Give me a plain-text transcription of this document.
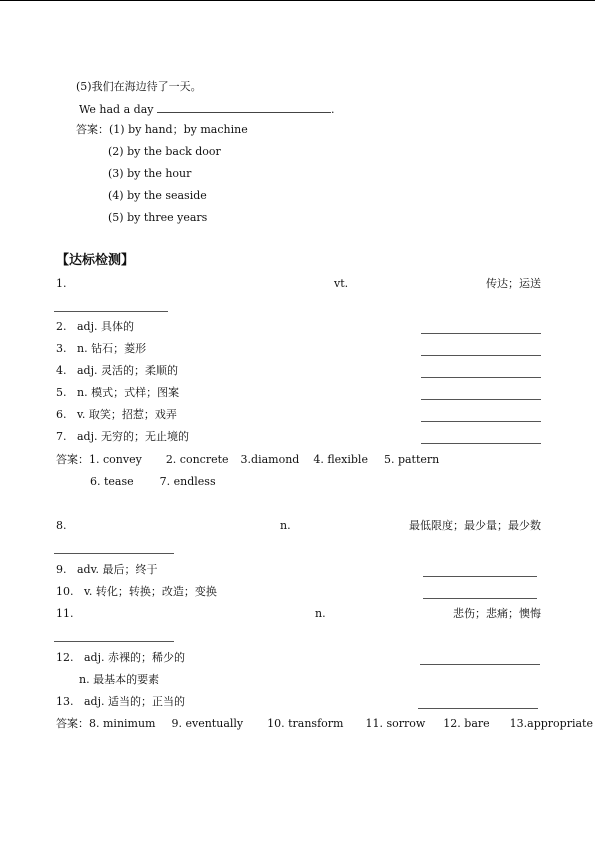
(5)我们在海边待了一天。
We had a day	.
答案：(1) by hand；by machine
(2) by the back door
(3) by the hour
(4) by the seaside
(5) by three years
【达标检测】
1.	vt.	传达；运送
2. adj. 具体的
3. n. 钻石；菱形
4. adj. 灵活的；柔顺的
5. n. 模式；式样；图案
6. v. 取笑；招惹；戏弄
7. adj. 无穷的；无止境的
答案：1. convey 2. concrete 3.diamond 4. flexible 5. pattern
6. tease 7. endless
8.	n.	最低限度；最少量；最少数
9. adv. 最后；终于
10. v. 转化；转换；改造；变换
11.	n.	悲伤；悲痛；懊悔
12. adj. 赤裸的；稀少的
n. 最基本的要素
13. adj. 适当的；正当的
答案：8. minimum 9. eventually 10. transform 11. sorrow 12. bare 13.appropriate
